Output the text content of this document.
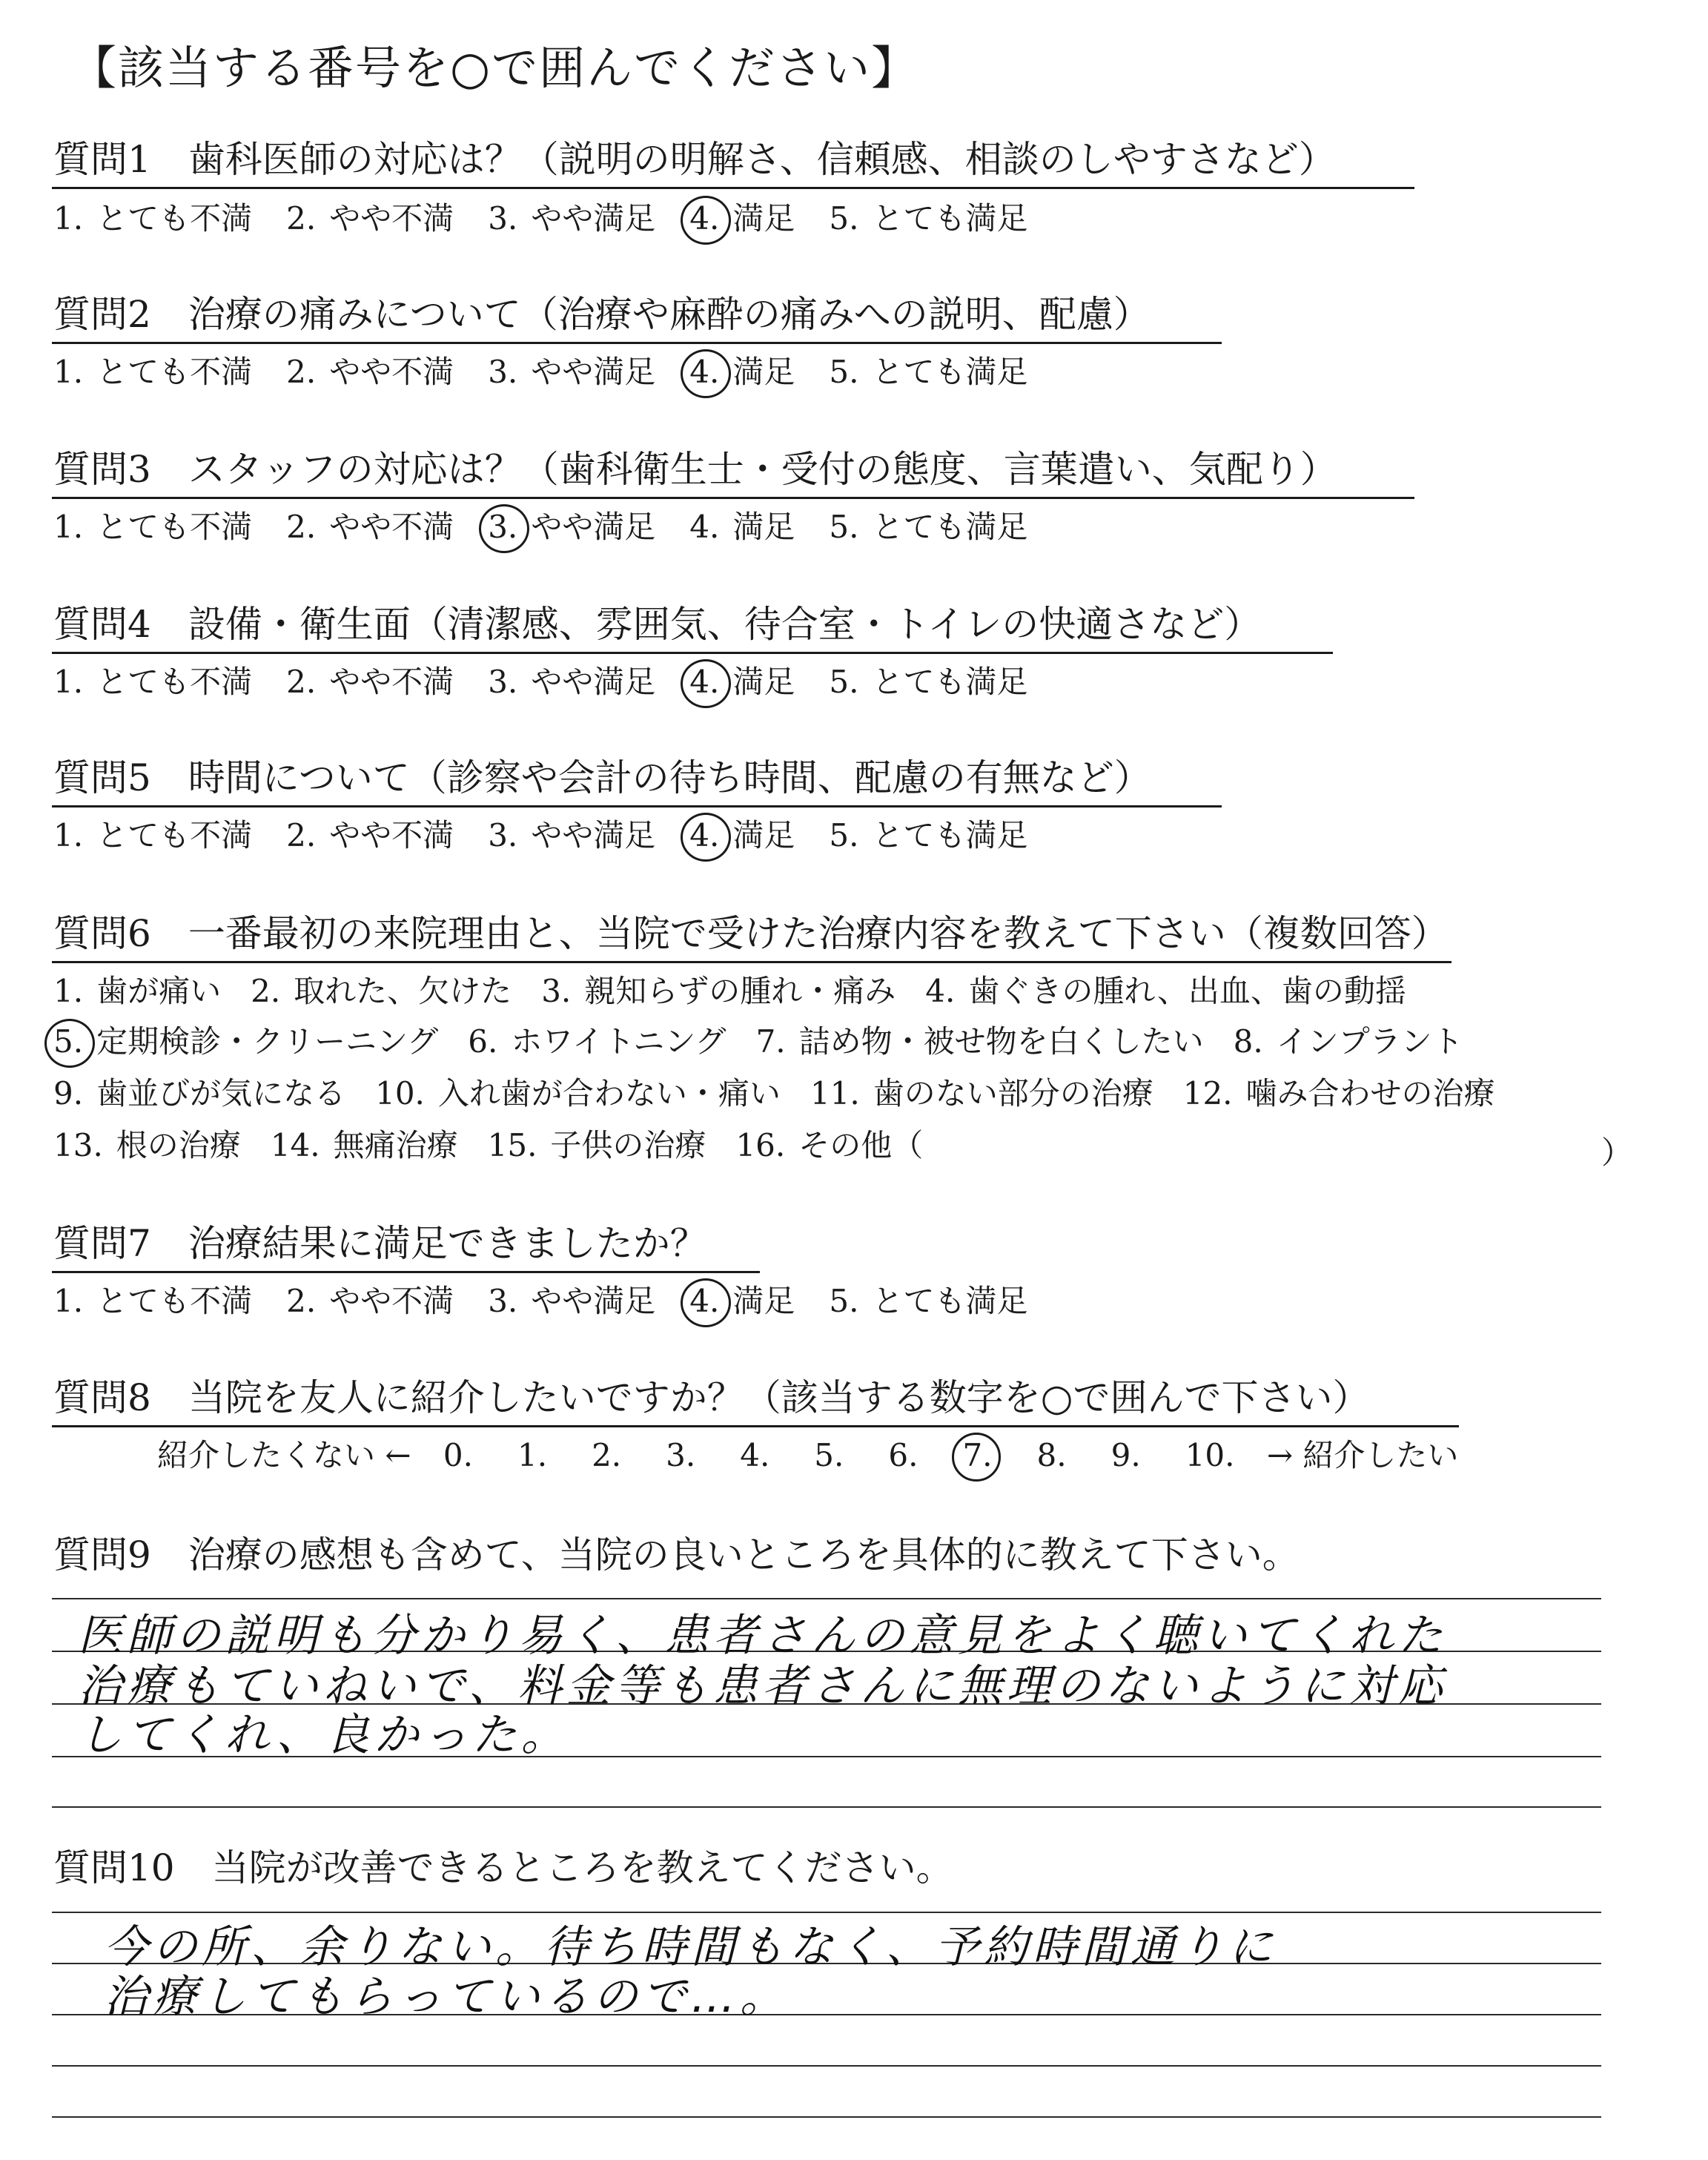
【該当する番号を○で囲んでください】
質問1 歯科医師の対応は？（説明の明解さ、信頼感、相談のしやすさなど）
1. とても不満 2. やや不満 3. やや満足 4. 満足 5. とても満足
質問2 治療の痛みについて（治療や麻酔の痛みへの説明、配慮）
1. とても不満 2. やや不満 3. やや満足 4. 満足 5. とても満足
質問3 スタッフの対応は？（歯科衛生士・受付の態度、言葉遣い、気配り）
1. とても不満 2. やや不満 3. やや満足 4. 満足 5. とても満足
質問4 設備・衛生面（清潔感、雰囲気、待合室・トイレの快適さなど）
1. とても不満 2. やや不満 3. やや満足 4. 満足 5. とても満足
質問5 時間について（診察や会計の待ち時間、配慮の有無など）
1. とても不満 2. やや不満 3. やや満足 4. 満足 5. とても満足
質問6 一番最初の来院理由と、当院で受けた治療内容を教えて下さい（複数回答）
1. 歯が痛い 2. 取れた、欠けた 3. 親知らずの腫れ・痛み 4. 歯ぐきの腫れ、出血、歯の動揺
5. 定期検診・クリーニング 6. ホワイトニング 7. 詰め物・被せ物を白くしたい 8. インプラント
9. 歯並びが気になる 10. 入れ歯が合わない・痛い 11. 歯のない部分の治療 12. 噛み合わせの治療
13. 根の治療 14. 無痛治療 15. 子供の治療 16. その他（	）
質問7 治療結果に満足できましたか？
1. とても不満 2. やや不満 3. やや満足 4. 満足 5. とても満足
質問8 当院を友人に紹介したいですか？（該当する数字を○で囲んで下さい）
紹介したくない ← 0. 1. 2. 3. 4. 5. 6. 7. 8. 9. 10. → 紹介したい
質問9 治療の感想も含めて、当院の良いところを具体的に教えて下さい。
医師の説明も分かり易く、患者さんの意見をよく聴いてくれた
治療もていねいで、料金等も患者さんに無理のないように対応
してくれ、良かった。
質問10 当院が改善できるところを教えてください。
今の所、余りない。待ち時間もなく、予約時間通りに
治療してもらっているので…。
